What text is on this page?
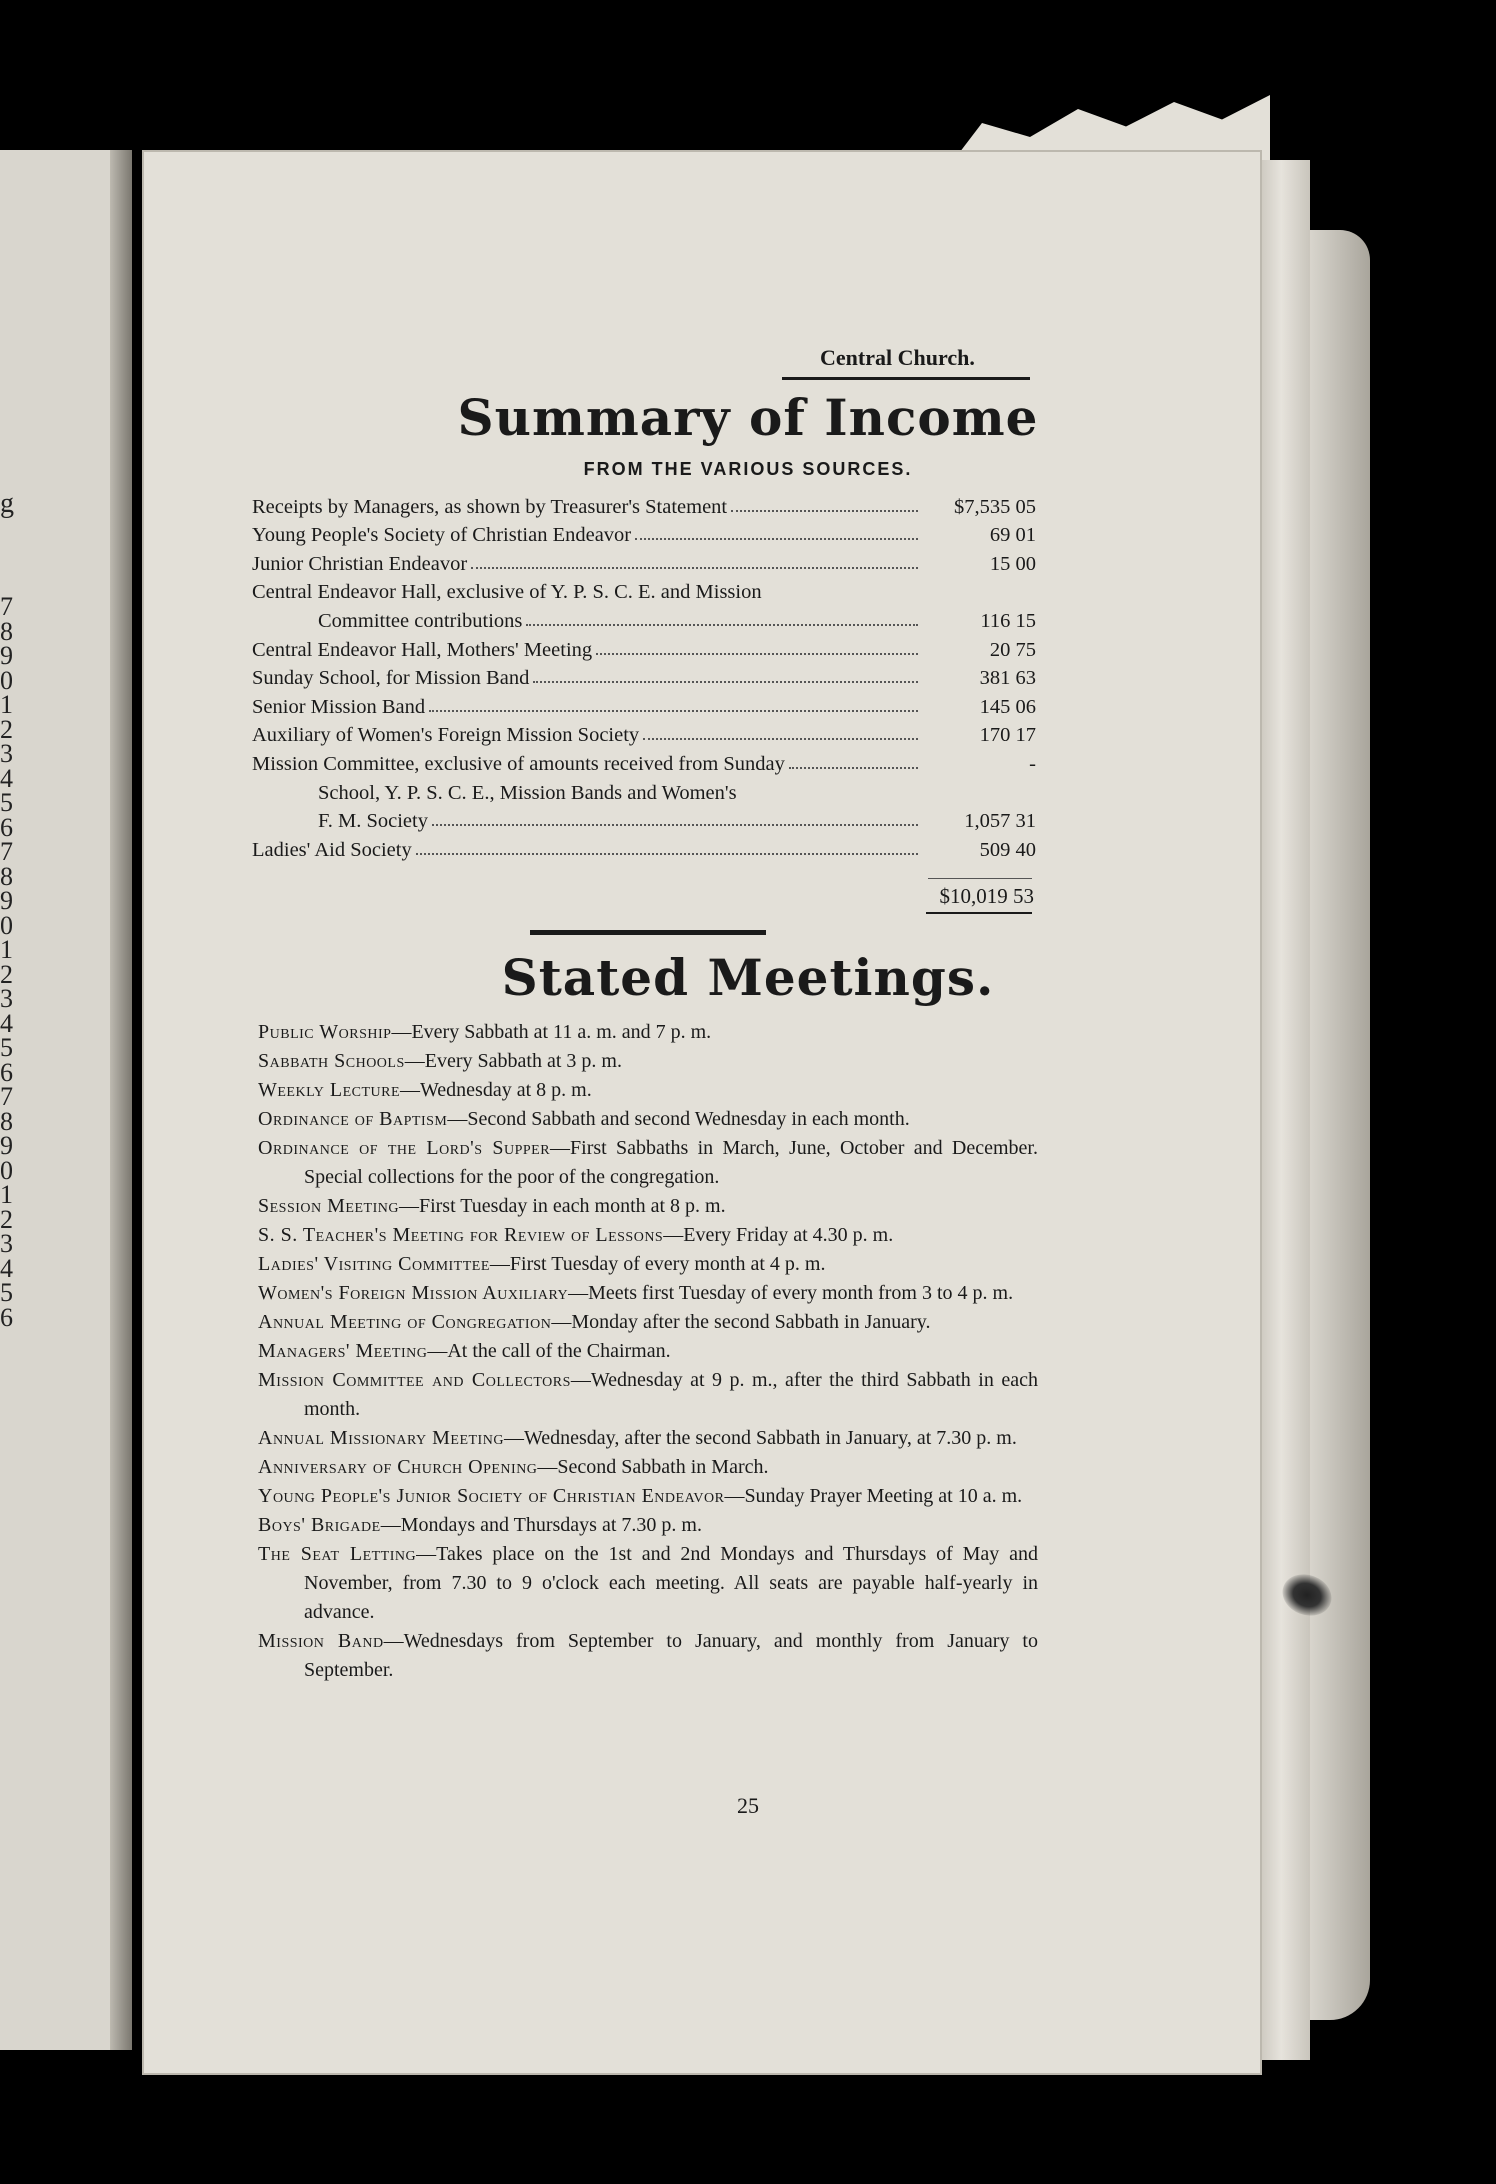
g
7
8
9
0
1
2
3
4
5
6
7
8
9
0
1
2
3
4
5
6
7
8
9
0
1
2
3
4
5
6
Central Church.
Summary of Income
FROM THE VARIOUS SOURCES.
Receipts by Managers, as shown by Treasurer's Statement	$7,535 05
Young People's Society of Christian Endeavor	69 01
Junior Christian Endeavor	15 00
Central Endeavor Hall, exclusive of Y. P. S. C. E. and Mission
Committee contributions	116 15
Central Endeavor Hall, Mothers' Meeting	20 75
Sunday School, for Mission Band	381 63
Senior Mission Band	145 06
Auxiliary of Women's Foreign Mission Society	170 17
Mission Committee, exclusive of amounts received from Sunday	-
School, Y. P. S. C. E., Mission Bands and Women's
F. M. Society	1,057 31
Ladies' Aid Society	509 40
$10,019 53
Stated Meetings.
Public Worship—Every Sabbath at 11 a. m. and 7 p. m.
Sabbath Schools—Every Sabbath at 3 p. m.
Weekly Lecture—Wednesday at 8 p. m.
Ordinance of Baptism—Second Sabbath and second Wednesday in each month.
Ordinance of the Lord's Supper—First Sabbaths in March, June, October and December. Special collections for the poor of the congregation.
Session Meeting—First Tuesday in each month at 8 p. m.
S. S. Teacher's Meeting for Review of Lessons—Every Friday at 4.30 p. m.
Ladies' Visiting Committee—First Tuesday of every month at 4 p. m.
Women's Foreign Mission Auxiliary—Meets first Tuesday of every month from 3 to 4 p. m.
Annual Meeting of Congregation—Monday after the second Sabbath in January.
Managers' Meeting—At the call of the Chairman.
Mission Committee and Collectors—Wednesday at 9 p. m., after the third Sabbath in each month.
Annual Missionary Meeting—Wednesday, after the second Sabbath in January, at 7.30 p. m.
Anniversary of Church Opening—Second Sabbath in March.
Young People's Junior Society of Christian Endeavor—Sunday Prayer Meeting at 10 a. m.
Boys' Brigade—Mondays and Thursdays at 7.30 p. m.
The Seat Letting—Takes place on the 1st and 2nd Mondays and Thursdays of May and November, from 7.30 to 9 o'clock each meeting. All seats are payable half-yearly in advance.
Mission Band—Wednesdays from September to January, and monthly from January to September.
25
